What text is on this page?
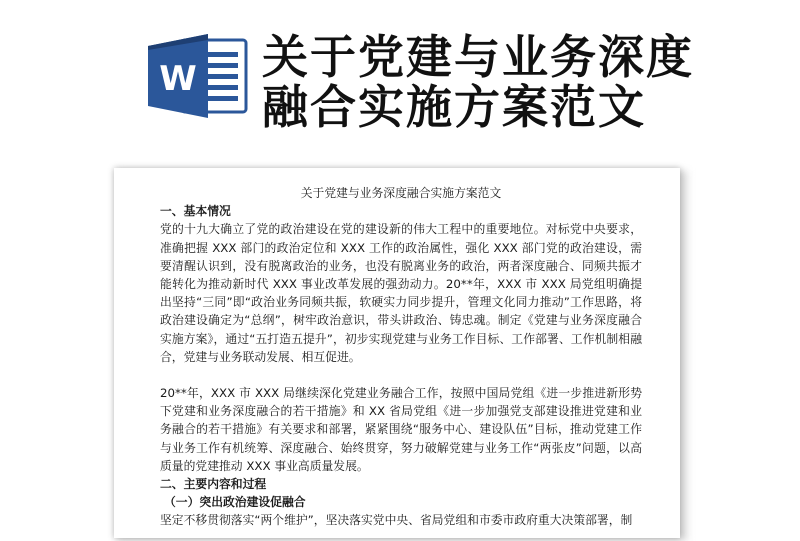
W 关于党建与业务深度
融合实施方案范文
关于党建与业务深度融合实施方案范文
一、基本情况
党的十九大确立了党的政治建设在党的建设新的伟大工程中的重要地位。对标党中央要求，准确把握 XXX 部门的政治定位和 XXX 工作的政治属性，强化 XXX 部门党的政治建设，需要清醒认识到，没有脱离政治的业务，也没有脱离业务的政治，两者深度融合、同频共振才能转化为推动新时代 XXX 事业改革发展的强劲动力。20**年，XXX 市 XXX 局党组明确提出坚持“三同”即“政治业务同频共振，软硬实力同步提升，管理文化同力推动”工作思路，将政治建设确定为“总纲”，树牢政治意识，带头讲政治、铸忠魂。制定《党建与业务深度融合实施方案》，通过“五打造五提升”，初步实现党建与业务工作目标、工作部署、工作机制相融合，党建与业务联动发展、相互促进。
20**年，XXX 市 XXX 局继续深化党建业务融合工作，按照中国局党组《进一步推进新形势下党建和业务深度融合的若干措施》和 XX 省局党组《进一步加强党支部建设推进党建和业务融合的若干措施》有关要求和部署，紧紧围绕“服务中心、建设队伍”目标，推动党建工作与业务工作有机统筹、深度融合、始终贯穿，努力破解党建与业务工作“两张皮”问题，以高质量的党建推动 XXX 事业高质量发展。
二、主要内容和过程
（一）突出政治建设促融合
坚定不移贯彻落实“两个维护”，坚决落实党中央、省局党组和市委市政府重大决策部署，制
